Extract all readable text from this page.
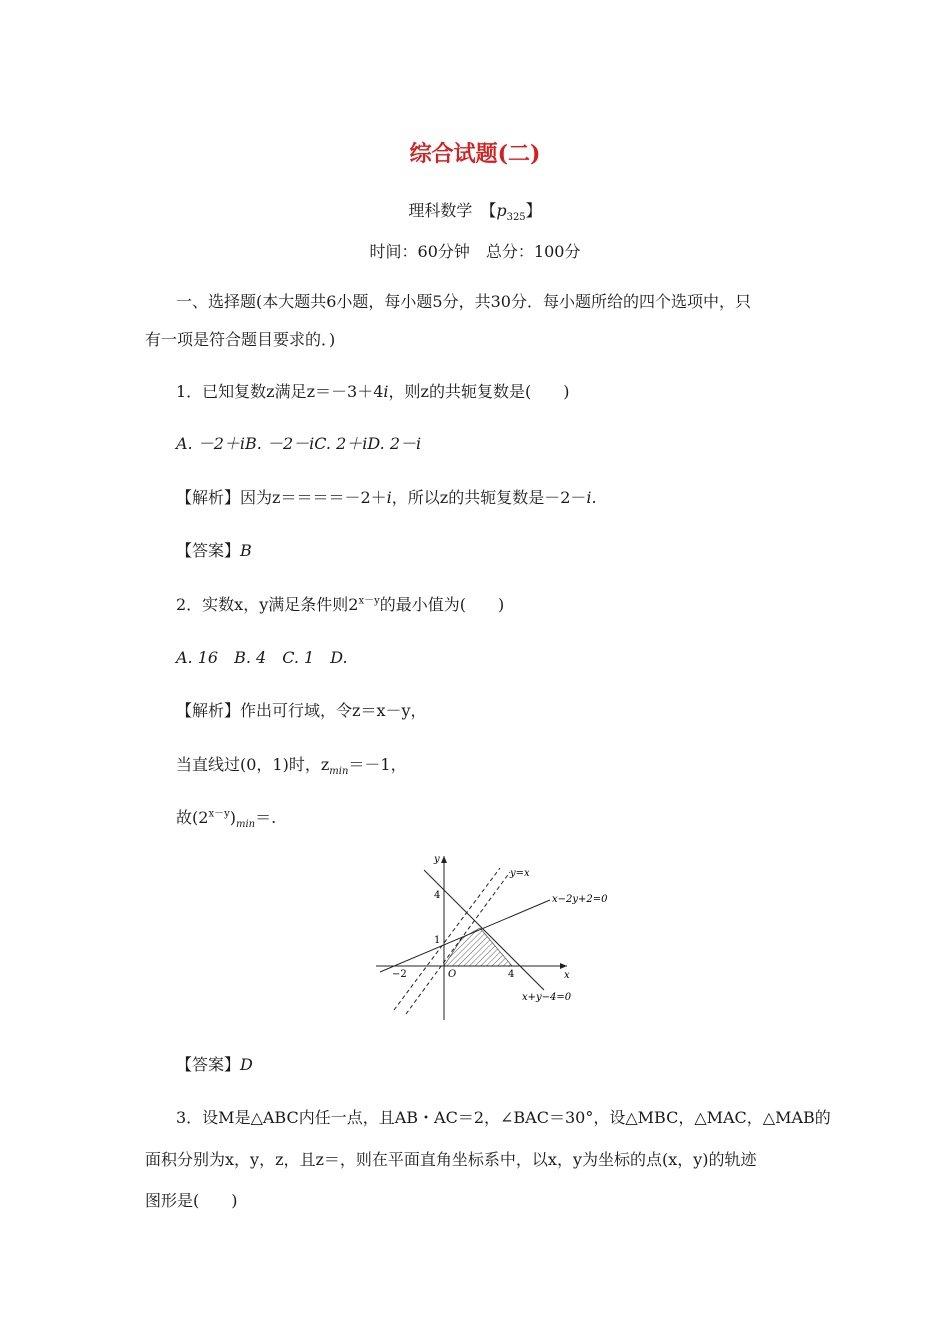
综合试题(二)
理科数学　【$p_{325}$】
时间：60分钟　总分：100分
一、选择题(本大题共6小题，每小题5分，共30分．每小题所给的四个选项中，只
有一项是符合题目要求的．)
1．已知复数z满足z＝－3＋4i，则z的共轭复数是(　　)
A. －2＋iB. －2－iC. 2＋iD. 2－i
【解析】因为z＝＝＝＝－2＋i，所以z的共轭复数是－2－i.
【答案】B
2．实数x，y满足条件则$2^{x-y}$的最小值为(　　)
A. 16　B. 4　C. 1　D.
【解析】作出可行域，令z＝x－y，
当直线过(0，1)时，$z_{min}=-1$，
故$(2^{x-y})_{min}=$.
y
x
y=x
x−2y+2=0
x+y−4=0
4
1
−2	O	4
【答案】D
3．设M是△ABC内任一点，且AB・AC＝2，∠BAC＝30°，设△MBC，△MAC，△MAB的
面积分别为x，y，z，且z＝，则在平面直角坐标系中，以x，y为坐标的点(x，y)的轨迹
图形是(　　)
